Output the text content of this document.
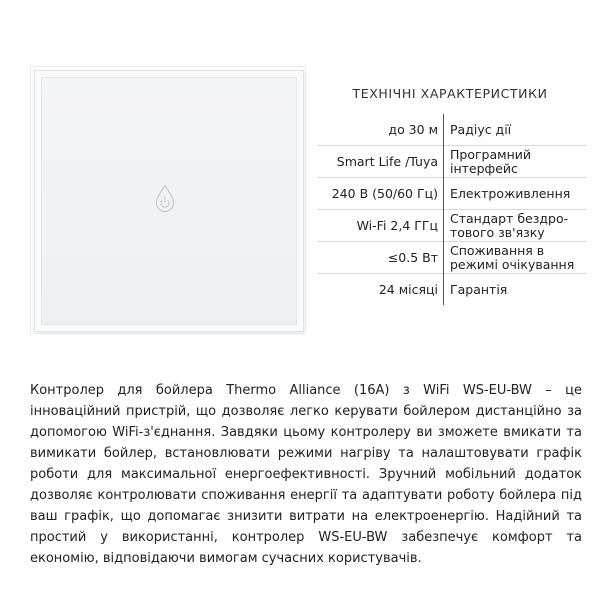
ТЕХНІЧНІ ХАРАКТЕРИСТИКИ
до 30 м	Радіус дії
Smart Life /Tuya	Програмний інтерфейс
240 В (50/60 Гц)	Електроживлення
Wi-Fi 2,4 ГГц	Стандарт бездро-тового зв'язку
≤0.5 Вт	Споживання в режимі очікування
24 місяці	Гарантія

Контролер для бойлера Thermo Alliance (16А) з WiFi WS-EU-BW – це інноваційний пристрій, що дозволяє легко керувати бойлером дистанційно за допомогою WiFi-з'єднання. Завдяки цьому контролеру ви зможете вмикати та вимикати бойлер, встановлювати режими нагріву та налаштовувати графік роботи для максимальної енергоефективності. Зручний мобільний додаток дозволяє контролювати споживання енергії та адаптувати роботу бойлера під ваш графік, що допомагає знизити витрати на електроенергію. Надійний та простий у використанні, контролер WS-EU-BW забезпечує комфорт та економію, відповідаючи вимогам сучасних користувачів.
